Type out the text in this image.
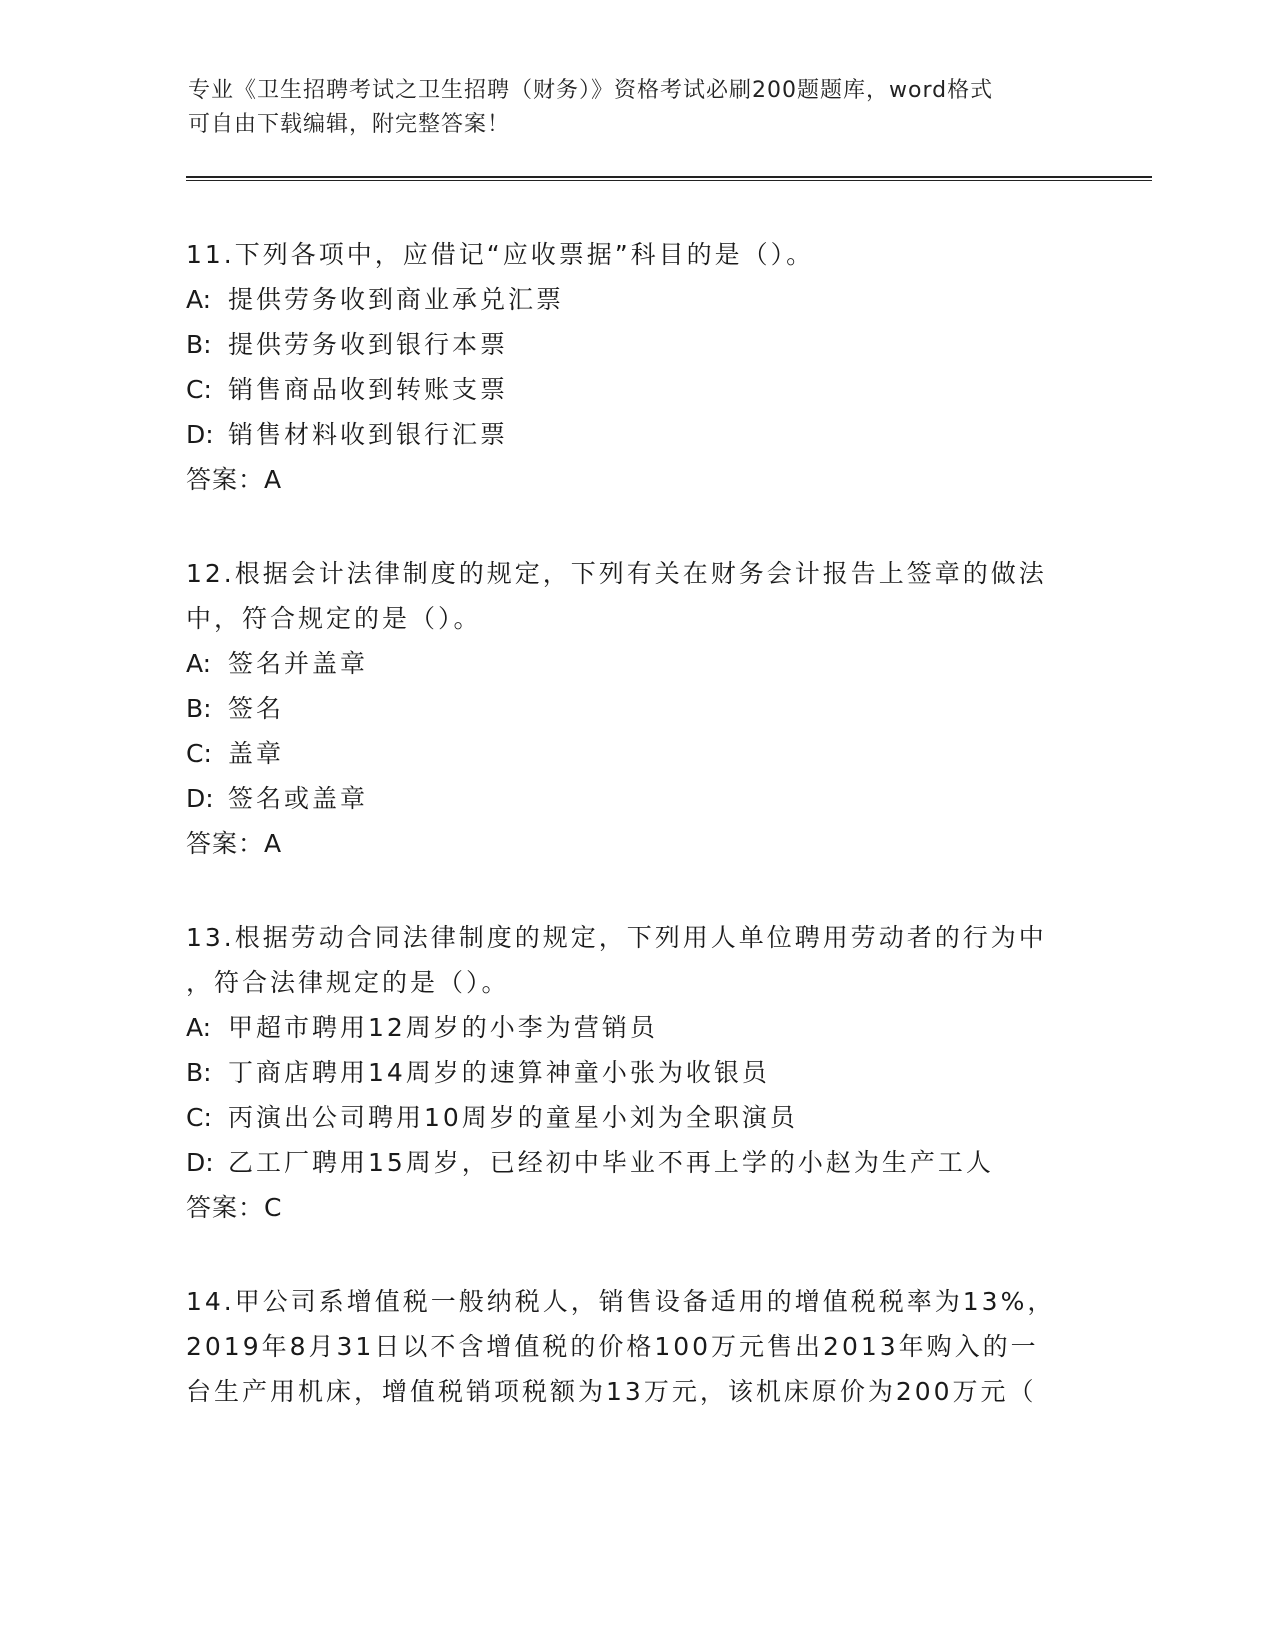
专业《卫生招聘考试之卫生招聘（财务）》资格考试必刷200题题库，word格式
可自由下载编辑，附完整答案！

11.下列各项中，应借记“应收票据”科目的是（）。

A: 提供劳务收到商业承兑汇票

B: 提供劳务收到银行本票

C: 销售商品收到转账支票

D: 销售材料收到银行汇票

答案：A

12.根据会计法律制度的规定，下列有关在财务会计报告上签章的做法

中，符合规定的是（）。

A: 签名并盖章

B: 签名

C: 盖章

D: 签名或盖章

答案：A

13.根据劳动合同法律制度的规定，下列用人单位聘用劳动者的行为中

，符合法律规定的是（）。

A: 甲超市聘用12周岁的小李为营销员

B: 丁商店聘用14周岁的速算神童小张为收银员

C: 丙演出公司聘用10周岁的童星小刘为全职演员

D: 乙工厂聘用15周岁，已经初中毕业不再上学的小赵为生产工人

答案：C

14.甲公司系增值税一般纳税人，销售设备适用的增值税税率为13%，

2019年8月31日以不含增值税的价格100万元售出2013年购入的一

台生产用机床，增值税销项税额为13万元，该机床原价为200万元（
